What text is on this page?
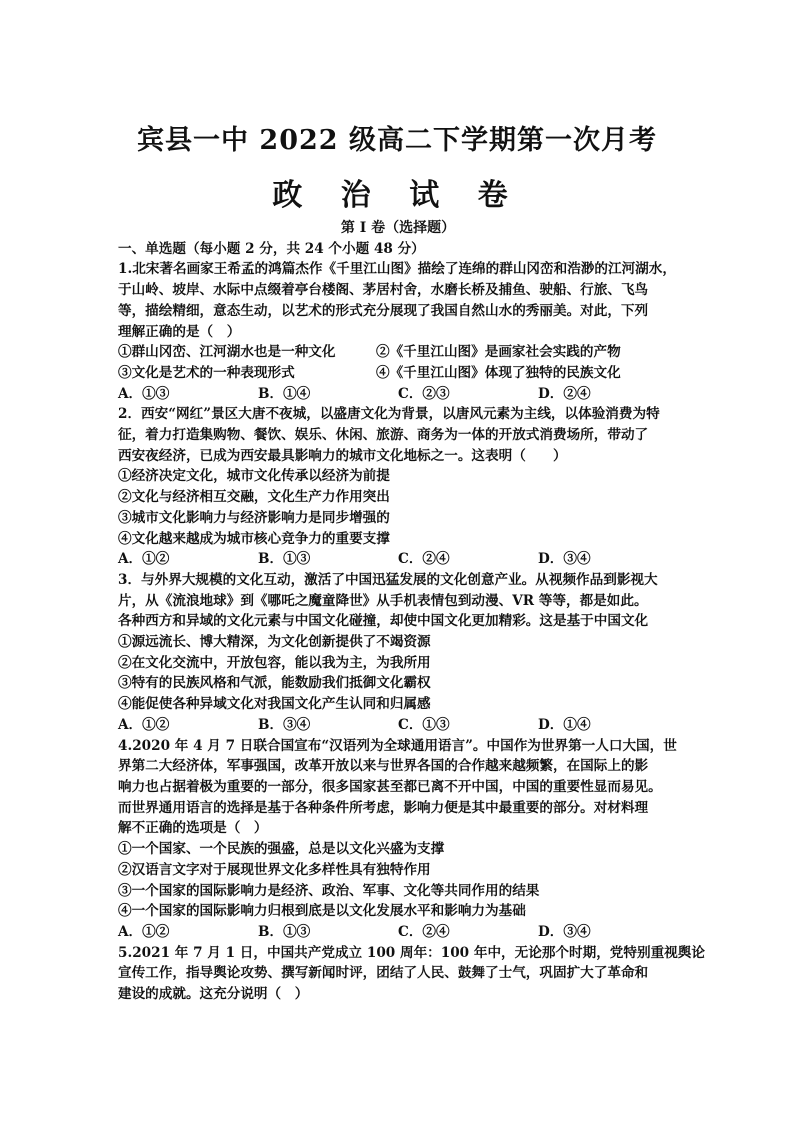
宾县一中 2022 级高二下学期第一次月考
政 治 试 卷
第 I 卷（选择题）
一、单选题（每小题 2 分，共 24 个小题 48 分）
1.北宋著名画家王希孟的鸿篇杰作《千里江山图》描绘了连绵的群山冈峦和浩渺的江河湖水，
于山岭、坡岸、水际中点缀着亭台楼阁、茅居村舍，水磨长桥及捕鱼、驶船、行旅、飞鸟
等，描绘精细，意态生动，以艺术的形式充分展现了我国自然山水的秀丽美。对此，下列
理解正确的是（　）
①群山冈峦、江河湖水也是一种文化	②《千里江山图》是画家社会实践的产物
③文化是艺术的一种表现形式	④《千里江山图》体现了独特的民族文化
A．①③	B．①④	C．②③	D．②④
2．西安“网红”景区大唐不夜城，以盛唐文化为背景，以唐风元素为主线，以体验消费为特
征，着力打造集购物、餐饮、娱乐、休闲、旅游、商务为一体的开放式消费场所，带动了
西安夜经济，已成为西安最具影响力的城市文化地标之一。这表明（　　）
①经济决定文化，城市文化传承以经济为前提
②文化与经济相互交融，文化生产力作用突出
③城市文化影响力与经济影响力是同步增强的
④文化越来越成为城市核心竞争力的重要支撑
A．①②	B．①③	C．②④	D．③④
3．与外界大规模的文化互动，激活了中国迅猛发展的文化创意产业。从视频作品到影视大
片，从《流浪地球》到《哪吒之魔童降世》从手机表情包到动漫、VR 等等，都是如此。
各种西方和异域的文化元素与中国文化碰撞，却使中国文化更加精彩。这是基于中国文化
①源远流长、博大精深，为文化创新提供了不竭资源
②在文化交流中，开放包容，能以我为主，为我所用
③特有的民族风格和气派，能数励我们抵御文化霸权
④能促使各种异域文化对我国文化产生认同和归属感
A．①②	B．③④	C．①③	D．①④
4.2020 年 4 月 7 日联合国宣布“汉语列为全球通用语言”。中国作为世界第一人口大国，世
界第二大经济体，军事强国，改革开放以来与世界各国的合作越来越频繁，在国际上的影
响力也占据着极为重要的一部分，很多国家甚至都已离不开中国，中国的重要性显而易见。
而世界通用语言的选择是基于各种条件所考虑，影响力便是其中最重要的部分。对材料理
解不正确的选项是（　）
①一个国家、一个民族的强盛，总是以文化兴盛为支撑
②汉语言文字对于展现世界文化多样性具有独特作用
③一个国家的国际影响力是经济、政治、军事、文化等共同作用的结果
④一个国家的国际影响力归根到底是以文化发展水平和影响力为基础
A．①②	B．①③	C．②④	D．③④
5.2021 年 7 月 1 日，中国共产党成立 100 周年：100 年中，无论那个时期，党特别重视舆论
宣传工作，指导舆论攻势、撰写新闻时评，团结了人民、鼓舞了士气，巩固扩大了革命和
建设的成就。这充分说明（　）
